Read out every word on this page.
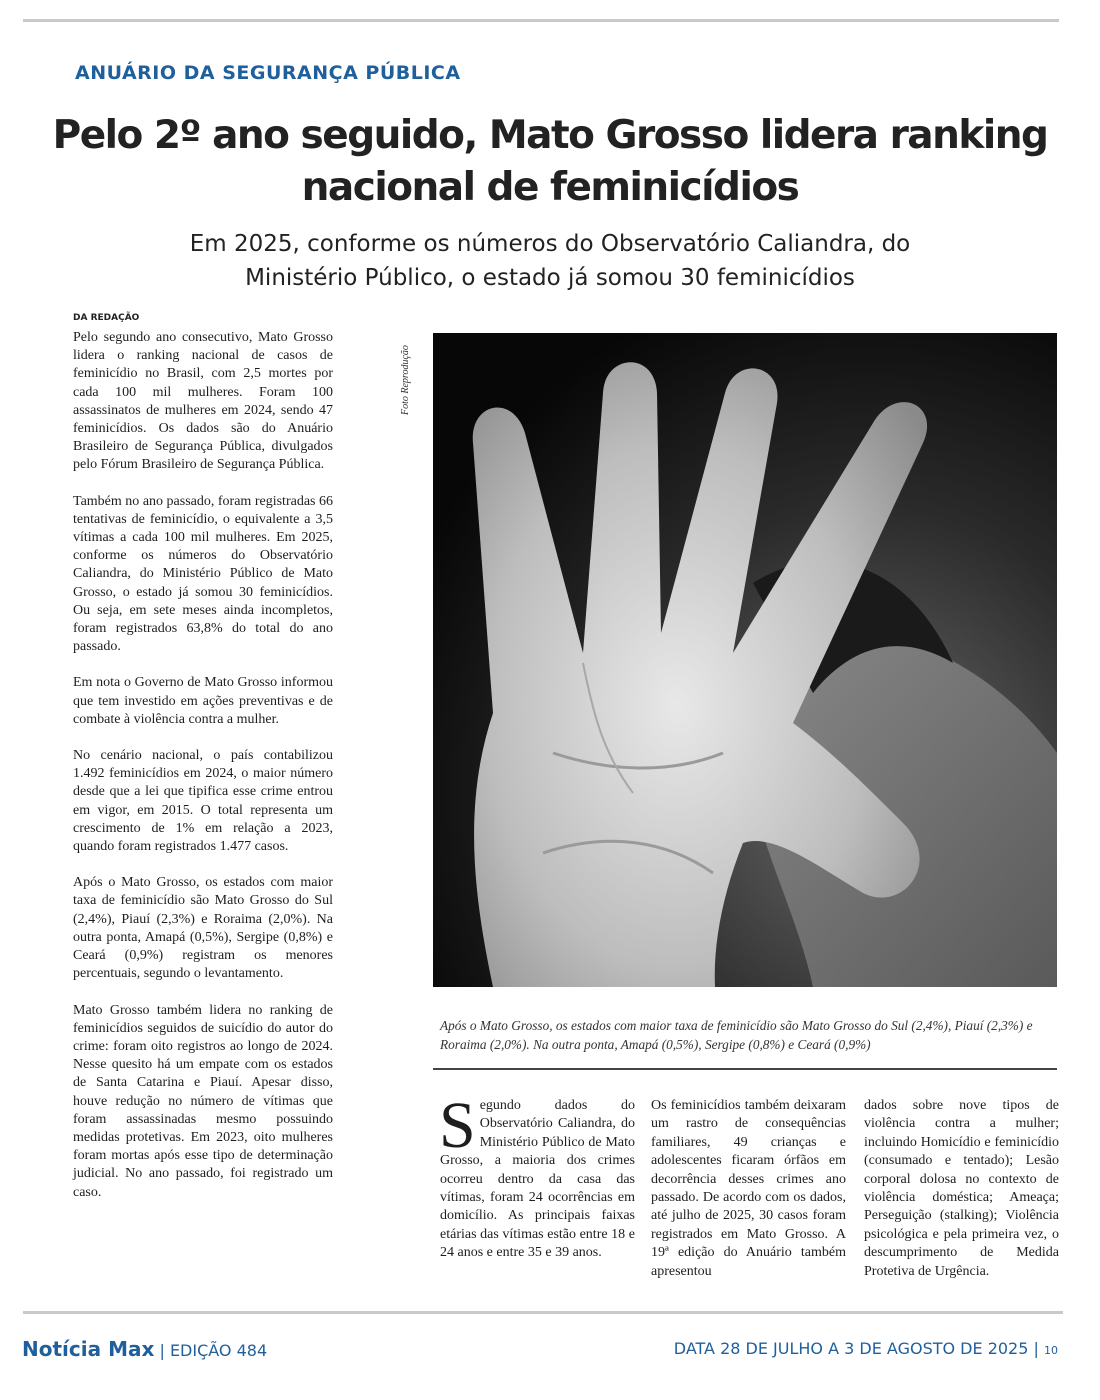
ANUÁRIO DA SEGURANÇA PÚBLICA
Pelo 2º ano seguido, Mato Grosso lidera ranking
nacional de feminicídios
Em 2025, conforme os números do Observatório Caliandra, do
Ministério Público, o estado já somou 30 feminicídios
DA REDAÇÃO

Pelo segundo ano consecutivo, Mato Grosso lidera o ranking nacional de casos de feminicídio no Brasil, com 2,5 mortes por cada 100 mil mulheres. Foram 100 assassinatos de mulheres em 2024, sendo 47 feminicídios. Os dados são do Anuário Brasileiro de Segurança Pública, divulgados pelo Fórum Brasileiro de Segurança Pública.

Também no ano passado, foram registradas 66 tentativas de feminicídio, o equivalente a 3,5 vítimas a cada 100 mil mulheres. Em 2025, conforme os números do Observatório Caliandra, do Ministério Público de Mato Grosso, o estado já somou 30 feminicídios. Ou seja, em sete meses ainda incompletos, foram registrados 63,8% do total do ano passado.

Em nota o Governo de Mato Grosso informou que tem investido em ações preventivas e de combate à violência contra a mulher.

No cenário nacional, o país contabilizou 1.492 feminicídios em 2024, o maior número desde que a lei que tipifica esse crime entrou em vigor, em 2015. O total representa um crescimento de 1% em relação a 2023, quando foram registrados 1.477 casos.

Após o Mato Grosso, os estados com maior taxa de feminicídio são Mato Grosso do Sul (2,4%), Piauí (2,3%) e Roraima (2,0%). Na outra ponta, Amapá (0,5%), Sergipe (0,8%) e Ceará (0,9%) registram os menores percentuais, segundo o levantamento.

Mato Grosso também lidera no ranking de feminicídios seguidos de suicídio do autor do crime: foram oito registros ao longo de 2024. Nesse quesito há um empate com os estados de Santa Catarina e Piauí. Apesar disso, houve redução no número de vítimas que foram assassinadas mesmo possuindo medidas protetivas. Em 2023, oito mulheres foram mortas após esse tipo de determinação judicial. No ano passado, foi registrado um caso.

Foto Reprodução
Após o Mato Grosso, os estados com maior taxa de feminicídio são Mato Grosso do Sul (2,4%), Piauí (2,3%) e Roraima (2,0%). Na outra ponta, Amapá (0,5%), Sergipe (0,8%) e Ceará (0,9%)
Segundo dados do Observatório Caliandra, do Ministério Público de Mato Grosso, a maioria dos crimes ocorreu dentro da casa das vítimas, foram 24 ocorrências em domicílio. As principais faixas etárias das vítimas estão entre 18 e 24 anos e entre 35 e 39 anos.
Os feminicídios também deixaram um rastro de consequências familiares, 49 crianças e adolescentes ficaram órfãos em decorrência desses crimes ano passado. De acordo com os dados, até julho de 2025, 30 casos foram registrados em Mato Grosso. A 19ª edição do Anuário também apresentou
dados sobre nove tipos de violência contra a mulher; incluindo Homicídio e feminicídio (consumado e tentado); Lesão corporal dolosa no contexto de violência doméstica; Ameaça; Perseguição (stalking); Violência psicológica e pela primeira vez, o descumprimento de Medida Protetiva de Urgência.
Notícia Max | EDIÇÃO 484	DATA 28 DE JULHO A 3 DE AGOSTO DE 2025 | 10
